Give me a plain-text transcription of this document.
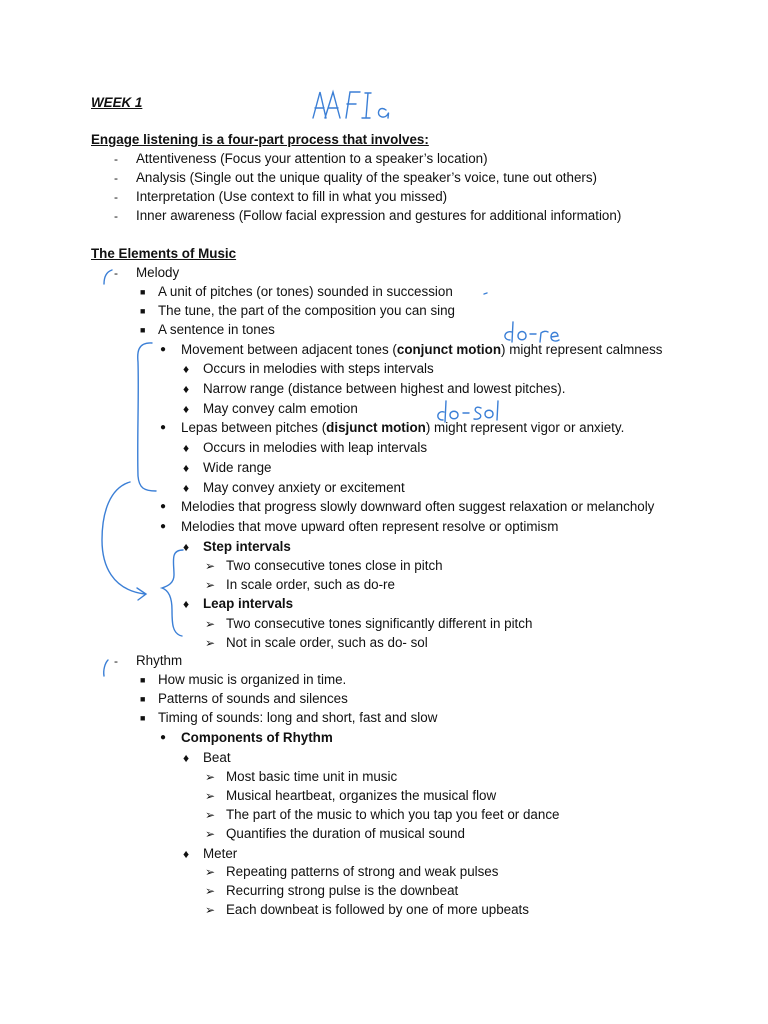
WEEK 1
Engage listening is a four-part process that involves:
- Attentiveness (Focus your attention to a speaker’s location)
- Analysis (Single out the unique quality of the speaker’s voice, tune out others)
- Interpretation (Use context to fill in what you missed)
- Inner awareness (Follow facial expression and gestures for additional information)
The Elements of Music
- Melody
■ A unit of pitches (or tones) sounded in succession
■ The tune, the part of the composition you can sing
■ A sentence in tones
● Movement between adjacent tones (conjunct motion) might represent calmness
♦ Occurs in melodies with steps intervals
♦ Narrow range (distance between highest and lowest pitches).
♦ May convey calm emotion
● Lepas between pitches (disjunct motion) might represent vigor or anxiety.
♦ Occurs in melodies with leap intervals
♦ Wide range
♦ May convey anxiety or excitement
● Melodies that progress slowly downward often suggest relaxation or melancholy
● Melodies that move upward often represent resolve or optimism
♦ Step intervals
➢ Two consecutive tones close in pitch
➢ In scale order, such as do-re
♦ Leap intervals
➢ Two consecutive tones significantly different in pitch
➢ Not in scale order, such as do- sol
- Rhythm
■ How music is organized in time.
■ Patterns of sounds and silences
■ Timing of sounds: long and short, fast and slow
● Components of Rhythm
♦ Beat
➢ Most basic time unit in music
➢ Musical heartbeat, organizes the musical flow
➢ The part of the music to which you tap you feet or dance
➢ Quantifies the duration of musical sound
♦ Meter
➢ Repeating patterns of strong and weak pulses
➢ Recurring strong pulse is the downbeat
➢ Each downbeat is followed by one of more upbeats
